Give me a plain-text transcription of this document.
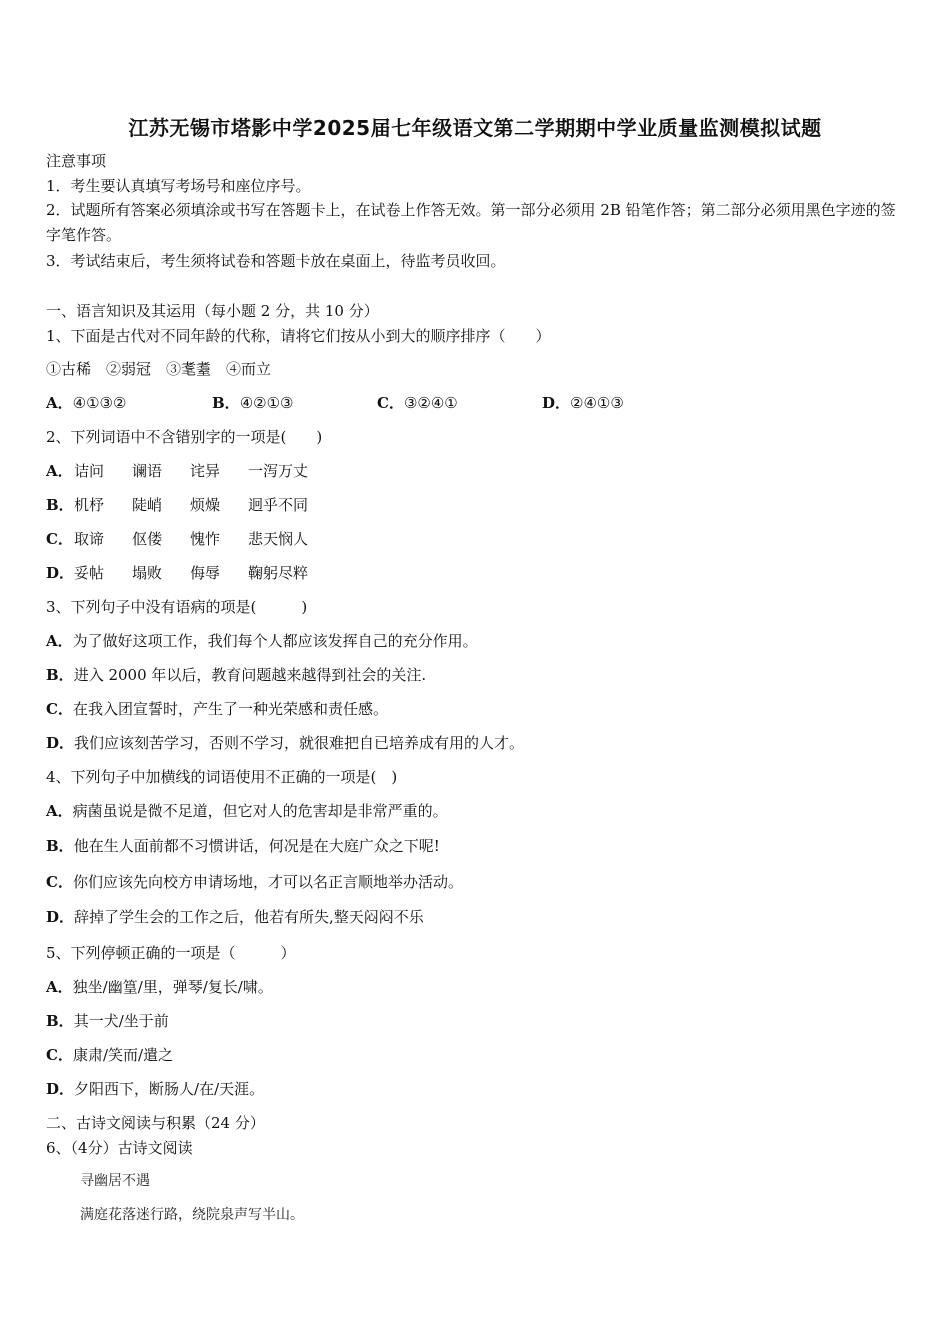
江苏无锡市塔影中学2025届七年级语文第二学期期中学业质量监测模拟试题
注意事项
1．考生要认真填写考场号和座位序号。
2．试题所有答案必须填涂或书写在答题卡上，在试卷上作答无效。第一部分必须用 2B 铅笔作答；第二部分必须用黑色字迹的签字笔作答。
3．考试结束后，考生须将试卷和答题卡放在桌面上，待监考员收回。
一、语言知识及其运用（每小题 2 分，共 10 分）
1、下面是古代对不同年龄的代称，请将它们按从小到大的顺序排序（　　）
①古稀　②弱冠　③耄耋　④而立
A．④①③②	B．④②①③	C．③②④①	D．②④①③
2、下列词语中不含错别字的一项是(　　)
A．诘问 谰语 诧异 一泻万丈
B．机杼 陡峭 烦燥 迥乎不同
C．取谛 伛偻 愧怍 悲天悯人
D．妥帖 塌败 侮辱 鞠躬尽粹
3、下列句子中没有语病的项是(　　　)
A．为了做好这项工作，我们每个人都应该发挥自己的充分作用。
B．进入 2000 年以后，教育问题越来越得到社会的关注.
C．在我入团宣誓时，产生了一种光荣感和责任感。
D．我们应该刻苦学习，否则不学习，就很难把自已培养成有用的人才。
4、下列句子中加横线的词语使用不正确的一项是(　)
A．病菌虽说是微不足道，但它对人的危害却是非常严重的。
B．他在生人面前都不习惯讲话，何况是在大庭广众之下呢!
C．你们应该先向校方申请场地，才可以名正言顺地举办活动。
D．辞掉了学生会的工作之后，他若有所失,整天闷闷不乐
5、下列停顿正确的一项是（　　　）
A．独坐/幽篁/里，弹琴/复长/啸。
B．其一犬/坐于前
C．康肃/笑而/遣之
D．夕阳西下，断肠人/在/天涯。
二、古诗文阅读与积累（24 分）
6、（4分）古诗文阅读
寻幽居不遇
满庭花落迷行路，绕院泉声写半山。
